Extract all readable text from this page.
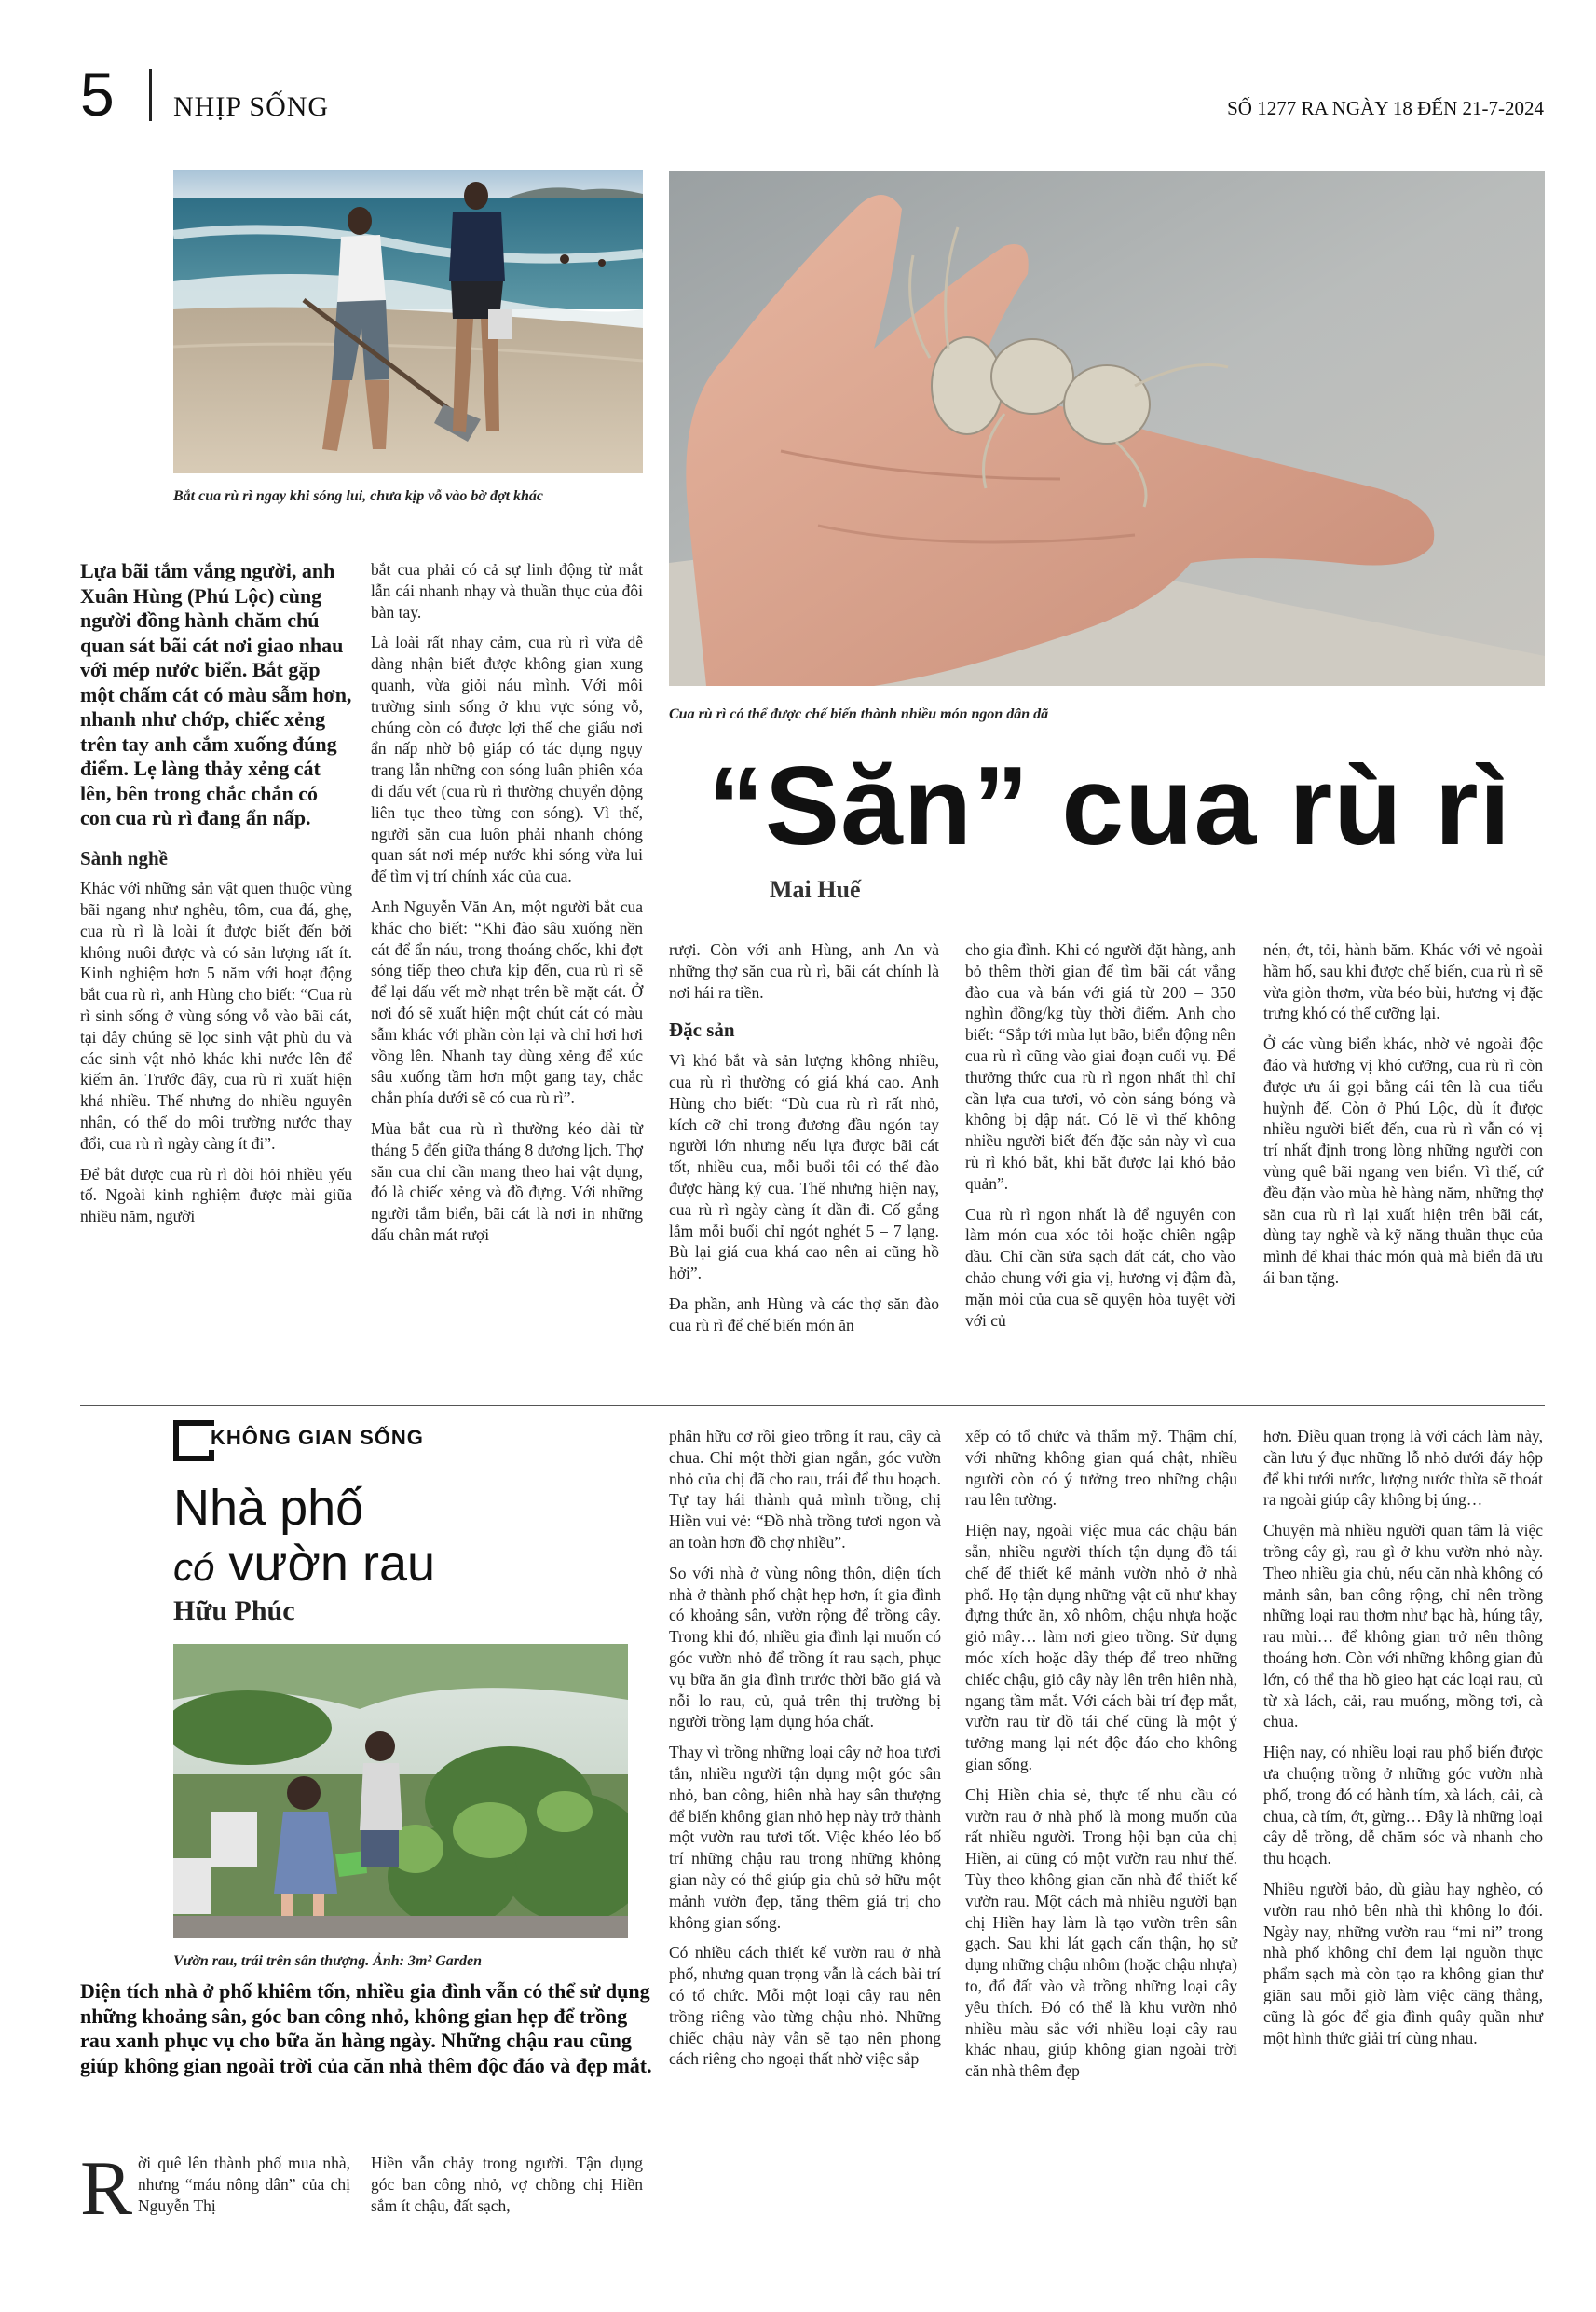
5 NHỊP SỐNG	SỐ 1277 RA NGÀY 18 ĐẾN 21-7-2024
Bắt cua rù rì ngay khi sóng lui, chưa kịp vỗ vào bờ đợt khác
Cua rù rì có thể được chế biến thành nhiều món ngon dân dã
“Săn” cua rù rì
Mai Huế
Lựa bãi tắm vắng người, anh Xuân Hùng (Phú Lộc) cùng người đồng hành chăm chú quan sát bãi cát nơi giao nhau với mép nước biển. Bắt gặp một chấm cát có màu sẫm hơn, nhanh như chớp, chiếc xẻng trên tay anh cắm xuống đúng điểm. Lẹ làng thảy xẻng cát lên, bên trong chắc chắn có con cua rù rì đang ẩn nấp.
Sành nghề

Khác với những sản vật quen thuộc vùng bãi ngang như nghêu, tôm, cua đá, ghẹ, cua rù rì là loài ít được biết đến bởi không nuôi được và có sản lượng rất ít. Kinh nghiệm hơn 5 năm với hoạt động bắt cua rù rì, anh Hùng cho biết: “Cua rù rì sinh sống ở vùng sóng vỗ vào bãi cát, tại đây chúng sẽ lọc sinh vật phù du và các sinh vật nhỏ khác khi nước lên để kiếm ăn. Trước đây, cua rù rì xuất hiện khá nhiều. Thế nhưng do nhiều nguyên nhân, có thể do môi trường nước thay đổi, cua rù rì ngày càng ít đi”.

Để bắt được cua rù rì đòi hỏi nhiều yếu tố. Ngoài kinh nghiệm được mài giũa nhiều năm, người

bắt cua phải có cả sự linh động từ mắt lẫn cái nhanh nhạy và thuần thục của đôi bàn tay.

Là loài rất nhạy cảm, cua rù rì vừa dễ dàng nhận biết được không gian xung quanh, vừa giỏi náu mình. Với môi trường sinh sống ở khu vực sóng vỗ, chúng còn có được lợi thế che giấu nơi ẩn nấp nhờ bộ giáp có tác dụng ngụy trang lẫn những con sóng luân phiên xóa đi dấu vết (cua rù rì thường chuyển động liên tục theo từng con sóng). Vì thế, người săn cua luôn phải nhanh chóng quan sát nơi mép nước khi sóng vừa lui để tìm vị trí chính xác của cua.

Anh Nguyễn Văn An, một người bắt cua khác cho biết: “Khi đào sâu xuống nền cát để ẩn náu, trong thoáng chốc, khi đợt sóng tiếp theo chưa kịp đến, cua rù rì sẽ để lại dấu vết mờ nhạt trên bề mặt cát. Ở nơi đó sẽ xuất hiện một chút cát có màu sẫm khác với phần còn lại và chỉ hơi hơi vồng lên. Nhanh tay dùng xẻng để xúc sâu xuống tầm hơn một gang tay, chắc chắn phía dưới sẽ có cua rù rì”.

Mùa bắt cua rù rì thường kéo dài từ tháng 5 đến giữa tháng 8 dương lịch. Thợ săn cua chỉ cần mang theo hai vật dụng, đó là chiếc xẻng và đồ đựng. Với những người tắm biển, bãi cát là nơi in những dấu chân mát rượi

rượi. Còn với anh Hùng, anh An và những thợ săn cua rù rì, bãi cát chính là nơi hái ra tiền.

Đặc sản

Vì khó bắt và sản lượng không nhiều, cua rù rì thường có giá khá cao. Anh Hùng cho biết: “Dù cua rù rì rất nhỏ, kích cỡ chỉ trong đương đầu ngón tay người lớn nhưng nếu lựa được bãi cát tốt, nhiều cua, mỗi buổi tôi có thể đào được hàng ký cua. Thế nhưng hiện nay, cua rù rì ngày càng ít dần đi. Cố gắng lắm mỗi buổi chỉ ngót nghét 5 – 7 lạng. Bù lại giá cua khá cao nên ai cũng hồ hởi”.

Đa phần, anh Hùng và các thợ săn đào cua rù rì để chế biến món ăn

cho gia đình. Khi có người đặt hàng, anh bỏ thêm thời gian để tìm bãi cát vắng đào cua và bán với giá từ 200 – 350 nghìn đồng/kg tùy thời điểm. Anh cho biết: “Sắp tới mùa lụt bão, biển động nên cua rù rì cũng vào giai đoạn cuối vụ. Để thưởng thức cua rù rì ngon nhất thì chỉ cần lựa cua tươi, vỏ còn sáng bóng và không bị dập nát. Có lẽ vì thế không nhiều người biết đến đặc sản này vì cua rù rì khó bắt, khi bắt được lại khó bảo quản”.

Cua rù rì ngon nhất là để nguyên con làm món cua xóc tỏi hoặc chiên ngập dầu. Chỉ cần sửa sạch đất cát, cho vào chảo chung với gia vị, hương vị đậm đà, mặn mòi của cua sẽ quyện hòa tuyệt vời với củ

nén, ớt, tỏi, hành băm. Khác với vẻ ngoài hầm hố, sau khi được chế biến, cua rù rì sẽ vừa giòn thơm, vừa béo bùi, hương vị đặc trưng khó có thể cưỡng lại.

Ở các vùng biển khác, nhờ vẻ ngoài độc đáo và hương vị khó cưỡng, cua rù rì còn được ưu ái gọi bằng cái tên là cua tiểu huỳnh đế. Còn ở Phú Lộc, dù ít được nhiều người biết đến, cua rù rì vẫn có vị trí nhất định trong lòng những người con vùng quê bãi ngang ven biển. Vì thế, cứ đều đặn vào mùa hè hàng năm, những thợ săn cua rù rì lại xuất hiện trên bãi cát, dùng tay nghề và kỹ năng thuần thục của mình để khai thác món quà mà biển đã ưu ái ban tặng.

KHÔNG GIAN SỐNG
Nhà phố
có vườn rau
Hữu Phúc
Vườn rau, trái trên sân thượng. Ảnh: 3m² Garden
Diện tích nhà ở phố khiêm tốn, nhiều gia đình vẫn có thể sử dụng những khoảng sân, góc ban công nhỏ, không gian hẹp để trồng rau xanh phục vụ cho bữa ăn hàng ngày. Những chậu rau cũng giúp không gian ngoài trời của căn nhà thêm độc đáo và đẹp mắt.

Rời quê lên thành phố mua nhà, nhưng “máu nông dân” của chị Nguyễn Thị

Hiền vẫn chảy trong người. Tận dụng góc ban công nhỏ, vợ chồng chị Hiền sắm ít chậu, đất sạch,

phân hữu cơ rồi gieo trồng ít rau, cây cà chua. Chỉ một thời gian ngắn, góc vườn nhỏ của chị đã cho rau, trái để thu hoạch. Tự tay hái thành quả mình trồng, chị Hiền vui vẻ: “Đồ nhà trồng tươi ngon và an toàn hơn đồ chợ nhiều”.

So với nhà ở vùng nông thôn, diện tích nhà ở thành phố chật hẹp hơn, ít gia đình có khoảng sân, vườn rộng để trồng cây. Trong khi đó, nhiều gia đình lại muốn có góc vườn nhỏ để trồng ít rau sạch, phục vụ bữa ăn gia đình trước thời bão giá và nỗi lo rau, củ, quả trên thị trường bị người trồng lạm dụng hóa chất.

Thay vì trồng những loại cây nở hoa tươi tắn, nhiều người tận dụng một góc sân nhỏ, ban công, hiên nhà hay sân thượng để biến không gian nhỏ hẹp này trở thành một vườn rau tươi tốt. Việc khéo léo bố trí những chậu rau trong những không gian này có thể giúp gia chủ sở hữu một mảnh vườn đẹp, tăng thêm giá trị cho không gian sống.

Có nhiều cách thiết kế vườn rau ở nhà phố, nhưng quan trọng vẫn là cách bài trí có tổ chức. Mỗi một loại cây rau nên trồng riêng vào từng chậu nhỏ. Những chiếc chậu này vẫn sẽ tạo nên phong cách riêng cho ngoại thất nhờ việc sắp

xếp có tổ chức và thẩm mỹ. Thậm chí, với những không gian quá chật, nhiều người còn có ý tưởng treo những chậu rau lên tường.

Hiện nay, ngoài việc mua các chậu bán sẵn, nhiều người thích tận dụng đồ tái chế để thiết kế mảnh vườn nhỏ ở nhà phố. Họ tận dụng những vật cũ như khay đựng thức ăn, xô nhôm, chậu nhựa hoặc giỏ mây… làm nơi gieo trồng. Sử dụng móc xích hoặc dây thép để treo những chiếc chậu, giỏ cây này lên trên hiên nhà, ngang tầm mắt. Với cách bài trí đẹp mắt, vườn rau từ đồ tái chế cũng là một ý tưởng mang lại nét độc đáo cho không gian sống.

Chị Hiền chia sẻ, thực tế nhu cầu có vườn rau ở nhà phố là mong muốn của rất nhiều người. Trong hội bạn của chị Hiền, ai cũng có một vườn rau như thế. Tùy theo không gian căn nhà để thiết kế vườn rau. Một cách mà nhiều người bạn chị Hiền hay làm là tạo vườn trên sân gạch. Sau khi lát gạch cẩn thận, họ sử dụng những chậu nhôm (hoặc chậu nhựa) to, đổ đất vào và trồng những loại cây yêu thích. Đó có thể là khu vườn nhỏ nhiều màu sắc với nhiều loại cây rau khác nhau, giúp không gian ngoài trời căn nhà thêm đẹp

hơn. Điều quan trọng là với cách làm này, cần lưu ý đục những lỗ nhỏ dưới đáy hộp để khi tưới nước, lượng nước thừa sẽ thoát ra ngoài giúp cây không bị úng…

Chuyện mà nhiều người quan tâm là việc trồng cây gì, rau gì ở khu vườn nhỏ này. Theo nhiều gia chủ, nếu căn nhà không có mảnh sân, ban công rộng, chỉ nên trồng những loại rau thơm như bạc hà, húng tây, rau mùi… để không gian trở nên thông thoáng hơn. Còn với những không gian đủ lớn, có thể tha hồ gieo hạt các loại rau, củ từ xà lách, cải, rau muống, mồng tơi, cà chua.

Hiện nay, có nhiều loại rau phổ biến được ưa chuộng trồng ở những góc vườn nhà phố, trong đó có hành tím, xà lách, cải, cà chua, cà tím, ớt, gừng… Đây là những loại cây dễ trồng, dễ chăm sóc và nhanh cho thu hoạch.

Nhiều người bảo, dù giàu hay nghèo, có vườn rau nhỏ bên nhà thì không lo đói. Ngày nay, những vườn rau “mi ni” trong nhà phố không chỉ đem lại nguồn thực phẩm sạch mà còn tạo ra không gian thư giãn sau mỗi giờ làm việc căng thẳng, cũng là góc để gia đình quây quần như một hình thức giải trí cùng nhau.
